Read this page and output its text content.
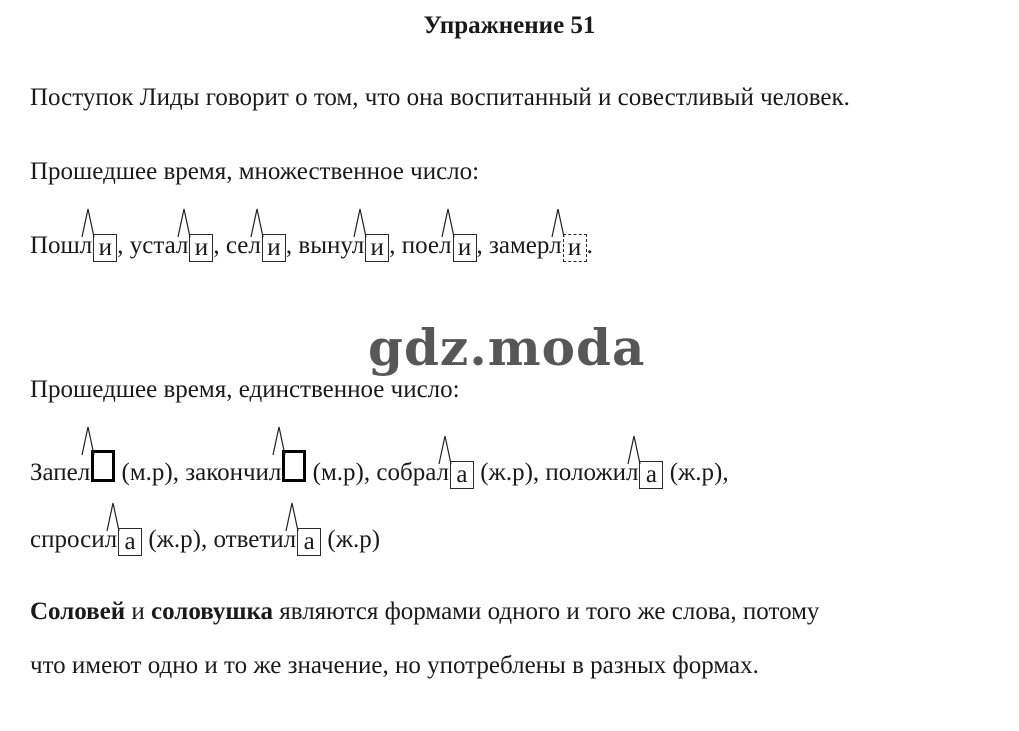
Упражнение 51
Поступок Лиды говорит о том, что она воспитанный и совестливый человек.
Прошедшее время, множественное число:
Пошл и , устал и , сел и , вынул и , поел и , замерл и .
gdz.moda
Прошедшее время, единственное число:
Запел
(м.р), закончил
(м.р), собрал а (ж.р), положил а (ж.р),
спросил а (ж.р), ответил а (ж.р)
Соловей и соловушка являются формами одного и того же слова, потому
что имеют одно и то же значение, но употреблены в разных формах.
